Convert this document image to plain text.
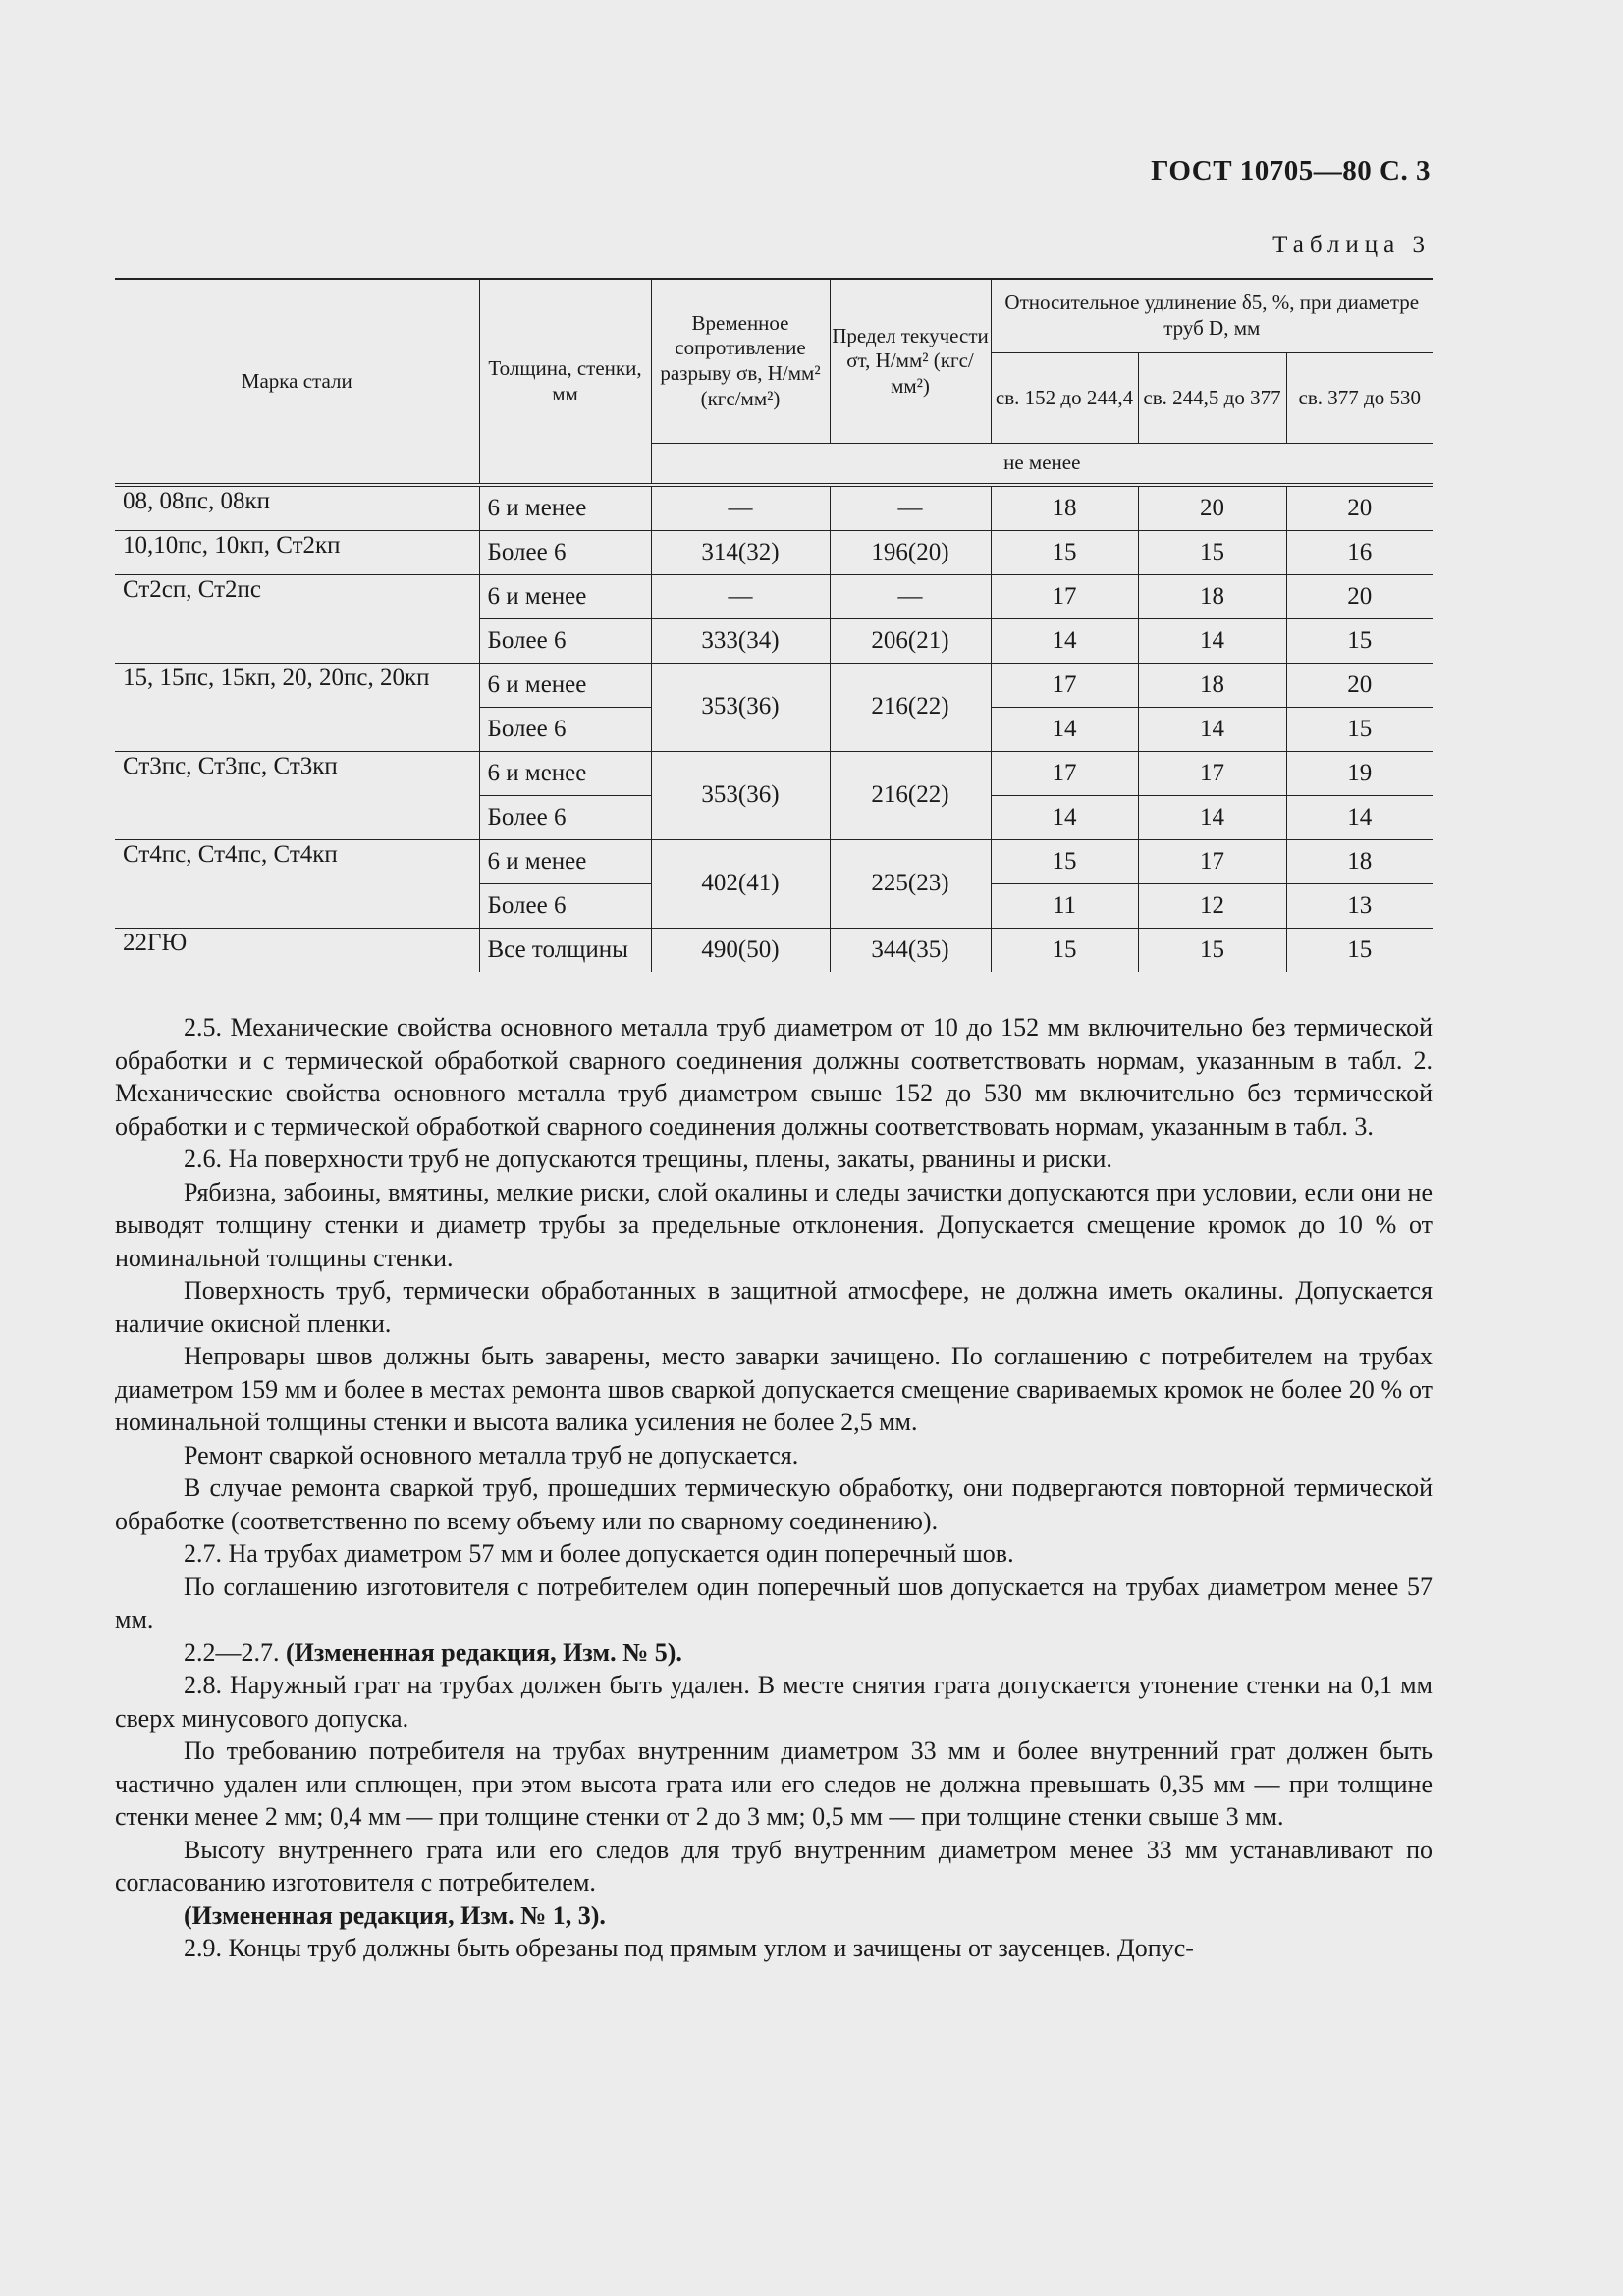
ГОСТ 10705—80 С. 3
Таблица 3
Марка стали	Толщина, стенки, мм	Временное сопротивление разрыву σв, Н/мм² (кгс/мм²)	Предел текучести σт, Н/мм² (кгс/мм²)	Относительное удлинение δ5, %, при диаметре труб D, мм		
				св. 152 до 244,4	св. 244,5 до 377	св. 377 до 530
		не менее				
08, 08пс, 08кп	6 и менее	—	—	18	20	20
10,10пс, 10кп, Ст2кп	Более 6	314(32)	196(20)	15	15	16
Ст2сп, Ст2пс	6 и менее	—	—	17	18	20
	Более 6	333(34)	206(21)	14	14	15
15, 15пс, 15кп, 20, 20пс, 20кп	6 и менее	353(36)	216(22)	17	18	20
	Более 6			14	14	15
Ст3пс, Ст3пс, Ст3кп	6 и менее	353(36)	216(22)	17	17	19
	Более 6			14	14	14
Ст4пс, Ст4пс, Ст4кп	6 и менее	402(41)	225(23)	15	17	18
	Более 6			11	12	13
22ГЮ	Все толщины	490(50)	344(35)	15	15	15

2.5. Механические свойства основного металла труб диаметром от 10 до 152 мм включительно без термической обработки и с термической обработкой сварного соединения должны соответствовать нормам, указанным в табл. 2. Механические свойства основного металла труб диаметром свыше 152 до 530 мм включительно без термической обработки и с термической обработкой сварного соединения должны соответствовать нормам, указанным в табл. 3.

2.6. На поверхности труб не допускаются трещины, плены, закаты, рванины и риски.

Рябизна, забоины, вмятины, мелкие риски, слой окалины и следы зачистки допускаются при условии, если они не выводят толщину стенки и диаметр трубы за предельные отклонения. Допускается смещение кромок до 10 % от номинальной толщины стенки.

Поверхность труб, термически обработанных в защитной атмосфере, не должна иметь окалины. Допускается наличие окисной пленки.

Непровары швов должны быть заварены, место заварки зачищено. По соглашению с потребителем на трубах диаметром 159 мм и более в местах ремонта швов сваркой допускается смещение свариваемых кромок не более 20 % от номинальной толщины стенки и высота валика усиления не более 2,5 мм.

Ремонт сваркой основного металла труб не допускается.

В случае ремонта сваркой труб, прошедших термическую обработку, они подвергаются повторной термической обработке (соответственно по всему объему или по сварному соединению).

2.7. На трубах диаметром 57 мм и более допускается один поперечный шов.

По соглашению изготовителя с потребителем один поперечный шов допускается на трубах диаметром менее 57 мм.

2.2—2.7. (Измененная редакция, Изм. № 5).

2.8. Наружный грат на трубах должен быть удален. В месте снятия грата допускается утонение стенки на 0,1 мм сверх минусового допуска.

По требованию потребителя на трубах внутренним диаметром 33 мм и более внутренний грат должен быть частично удален или сплющен, при этом высота грата или его следов не должна превышать 0,35 мм — при толщине стенки менее 2 мм; 0,4 мм — при толщине стенки от 2 до 3 мм; 0,5 мм — при толщине стенки свыше 3 мм.

Высоту внутреннего грата или его следов для труб внутренним диаметром менее 33 мм устанавливают по согласованию изготовителя с потребителем.

(Измененная редакция, Изм. № 1, 3).

2.9. Концы труб должны быть обрезаны под прямым углом и зачищены от заусенцев. Допус-
